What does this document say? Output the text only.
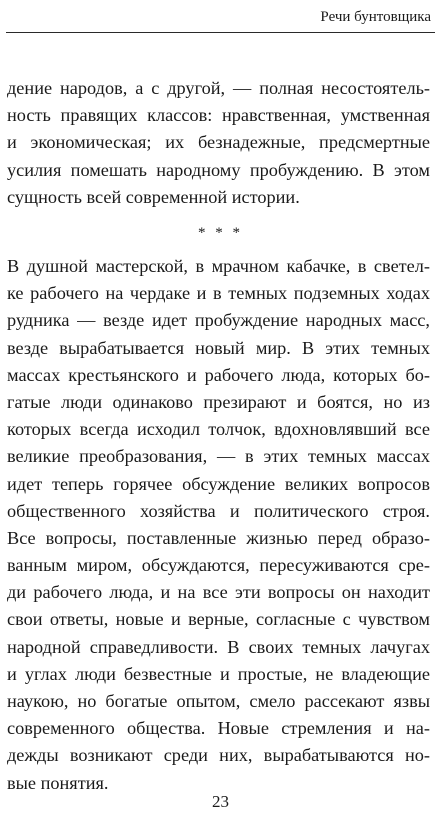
Речи бунтовщика
дение народов, а с другой, — полная несостоятель-
ность правящих классов: нравственная, умственная
и экономическая; их безнадежные, предсмертные
усилия помешать народному пробуждению. В этом
сущность всей современной истории.
* * *
В душной мастерской, в мрачном кабачке, в светел-
ке рабочего на чердаке и в темных подземных ходах
рудника — везде идет пробуждение народных масс,
везде вырабатывается новый мир. В этих темных
массах крестьянского и рабочего люда, которых бо-
гатые люди одинаково презирают и боятся, но из
которых всегда исходил толчок, вдохновлявший все
великие преобразования, — в этих темных массах
идет теперь горячее обсуждение великих вопросов
общественного хозяйства и политического строя.
Все вопросы, поставленные жизнью перед образо-
ванным миром, обсуждаются, пересуживаются сре-
ди рабочего люда, и на все эти вопросы он находит
свои ответы, новые и верные, согласные с чувством
народной справедливости. В своих темных лачугах
и углах люди безвестные и простые, не владеющие
наукою, но богатые опытом, смело рассекают язвы
современного общества. Новые стремления и на-
дежды возникают среди них, вырабатываются но-
вые понятия.
23
